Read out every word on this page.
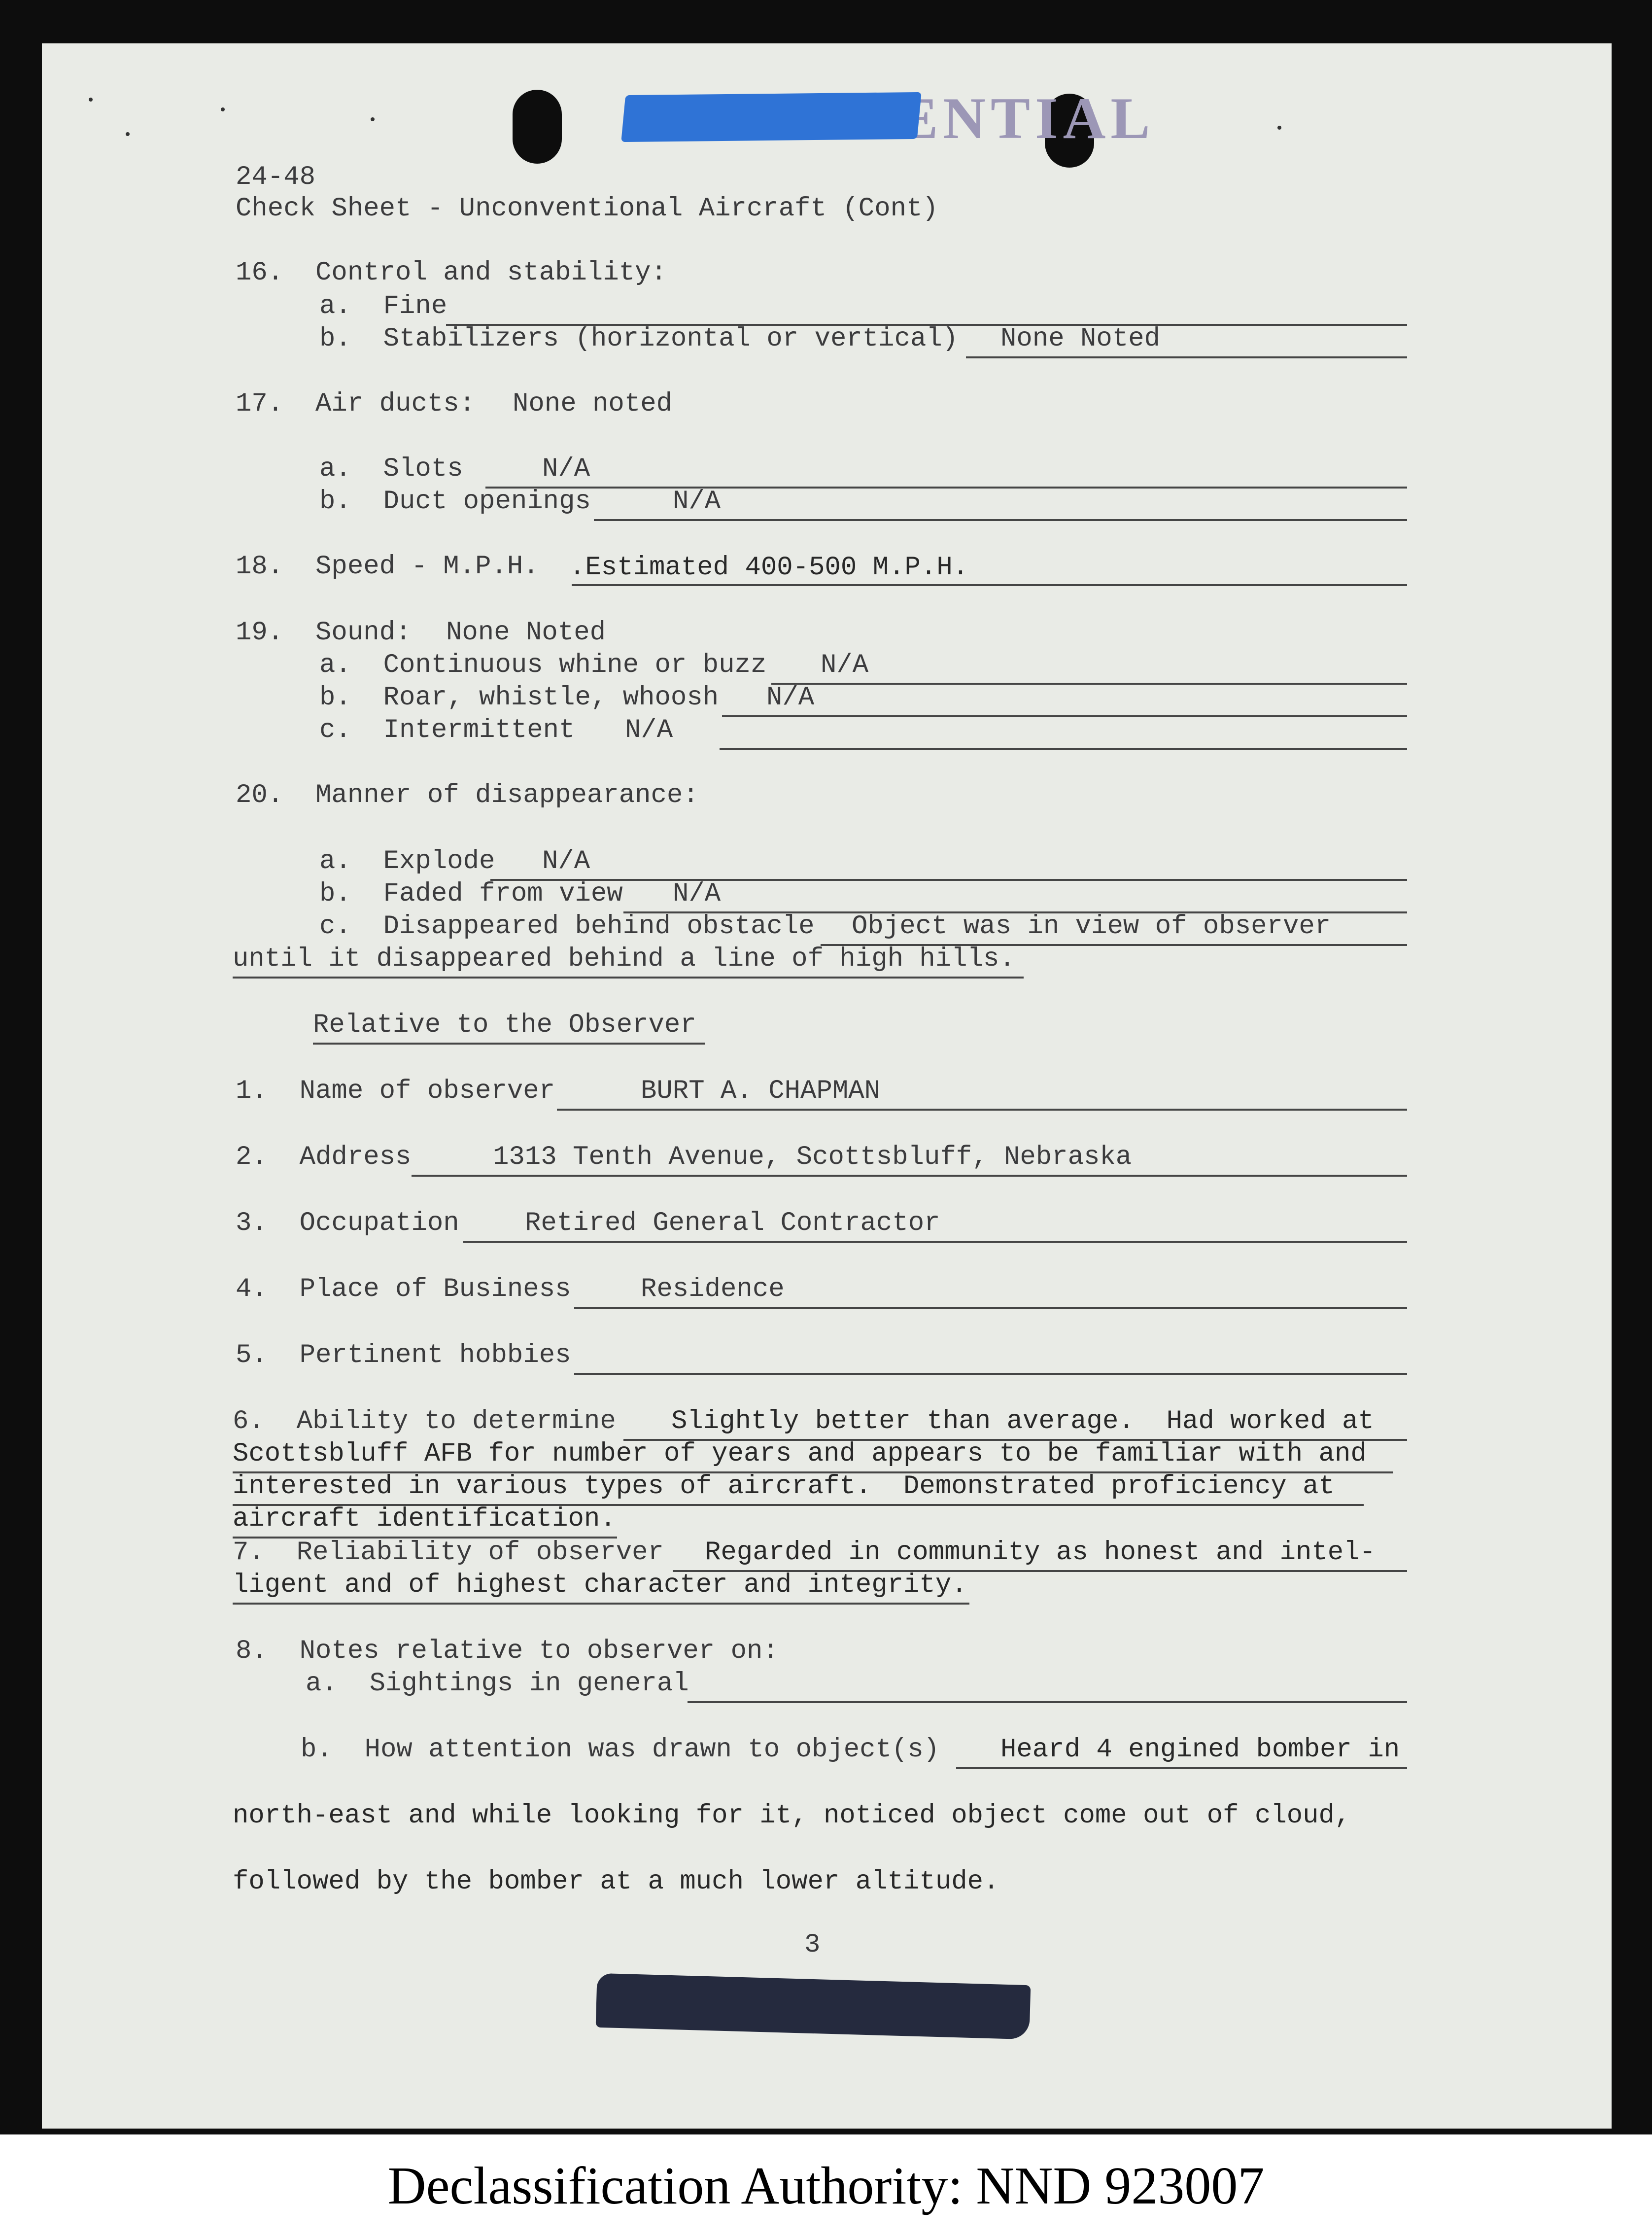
24-48
Check Sheet - Unconventional Aircraft (Cont)
16.  Control and stability:
a.  Fine
b.  Stabilizers (horizontal or vertical) None Noted
17.  Air ducts: None noted
a.  Slots	N/A
b.  Duct openings	N/A
18.  Speed - M.P.H. .Estimated 400-500 M.P.H.
19.  Sound: None Noted
a.  Continuous whine or buzz N/A
b.  Roar, whistle, whoosh N/A
c.  Intermittent N/A
20.  Manner of disappearance:
a.  Explode N/A
b.  Faded from view N/A
c.  Disappeared behind obstacle Object was in view of observer
until it disappeared behind a line of high hills.
Relative to the Observer
1.  Name of observer	BURT A. CHAPMAN
2.  Address	1313 Tenth Avenue, Scottsbluff, Nebraska
3.  Occupation Retired General Contractor
4.  Place of Business	Residence
5.  Pertinent hobbies
6.  Ability to determine Slightly better than average.  Had worked at
Scottsbluff AFB for number of years and appears to be familiar with and
interested in various types of aircraft.  Demonstrated proficiency at
aircraft identification.
7.  Reliability of observer Regarded in community as honest and intel-
ligent and of highest character and integrity.
8.  Notes relative to observer on:
a.  Sightings in general
b.  How attention was drawn to object(s) Heard 4 engined bomber in
north-east and while looking for it, noticed object come out of cloud,
followed by the bomber at a much lower altitude.
3
Declassification Authority: NND 923007
